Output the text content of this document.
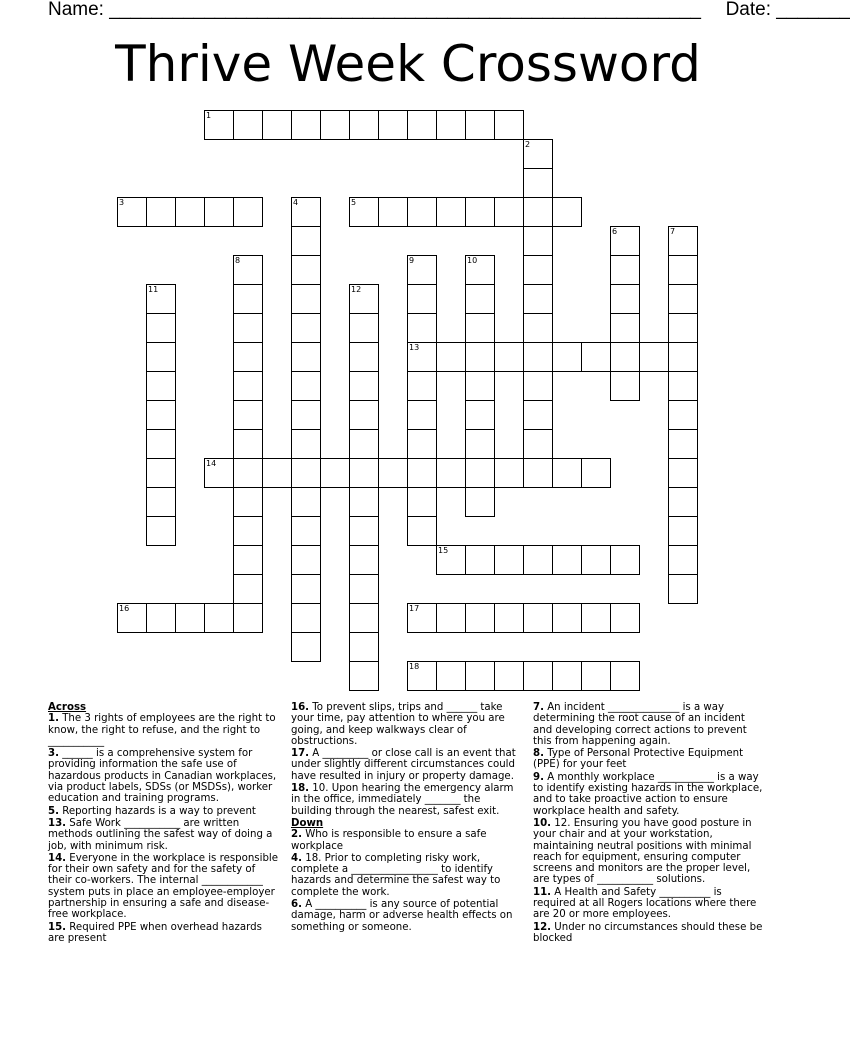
Name: ________________________________________________________ Date: _______
Thrive Week Crossword
1
2
3	4	5
6	7
8	9
13
10
11	12
14
15
16	17
18
Across
1. The 3 rights of employees are the right to know, the right to refuse, and the right to ___________
3. ______ is a comprehensive system for providing information the safe use of hazardous products in Canadian workplaces, via product labels, SDSs (or MSDSs), worker education and training programs.
5. Reporting hazards is a way to prevent
13. Safe Work ___________ are written methods outlining the safest way of doing a job, with minimum risk.
14. Everyone in the workplace is responsible for their own safety and for the safety of their co-workers. The internal ____________ system puts in place an employee-employer partnership in ensuring a safe and disease-free workplace.
15. Required PPE when overhead hazards are present
16. To prevent slips, trips and ______ take your time, pay attention to where you are going, and keep walkways clear of obstructions.
17. A _________ or close call is an event that under slightly different circumstances could have resulted in injury or property damage.
18. 10. Upon hearing the emergency alarm in the office, immediately _______ the building through the nearest, safest exit.
Down
2. Who is responsible to ensure a safe workplace
4. 18. Prior to completing risky work, complete a _________________ to identify hazards and determine the safest way to complete the work.
6. A __________ is any source of potential damage, harm or adverse health effects on something or someone.
7. An incident ______________ is a way determining the root cause of an incident and developing correct actions to prevent this from happening again.
8. Type of Personal Protective Equipment (PPE) for your feet
9. A monthly workplace ___________ is a way to identify existing hazards in the workplace, and to take proactive action to ensure workplace health and safety.
10. 12. Ensuring you have good posture in your chair and at your workstation, maintaining neutral positions with minimal reach for equipment, ensuring computer screens and monitors are the proper level, are types of ___________ solutions.
11. A Health and Safety __________ is required at all Rogers locations where there are 20 or more employees.
12. Under no circumstances should these be blocked
